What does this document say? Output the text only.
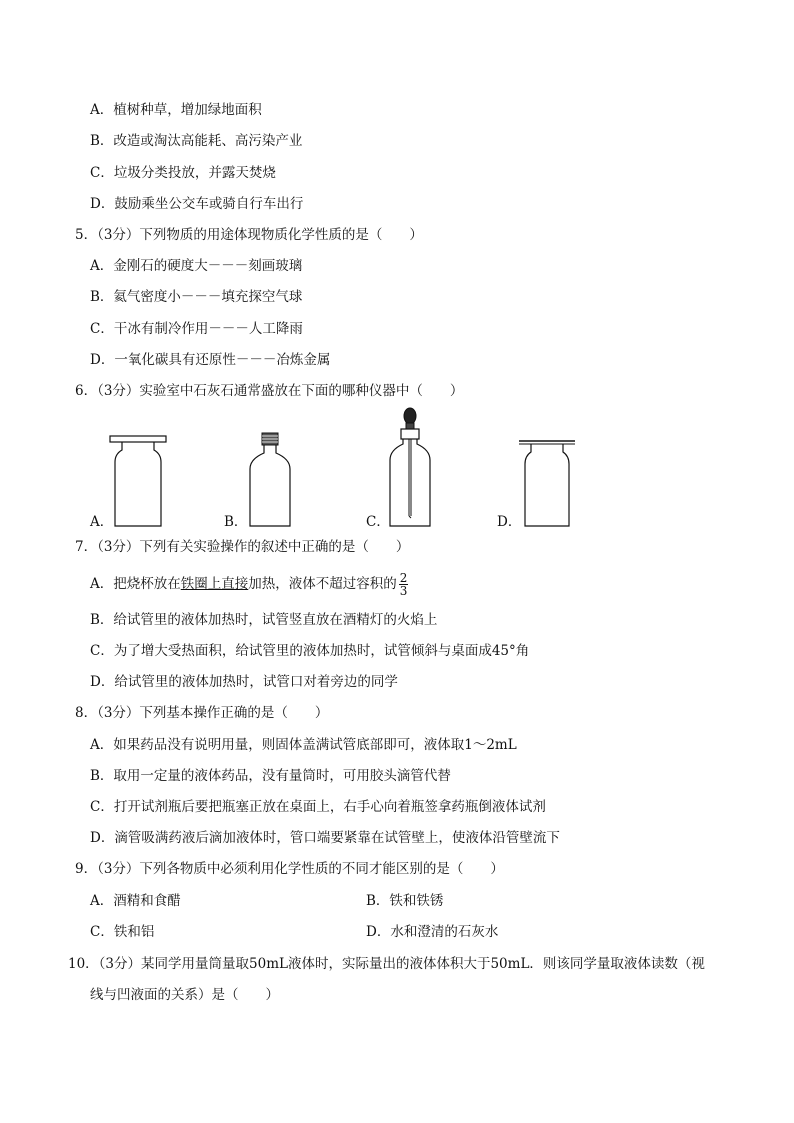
A．植树种草，增加绿地面积
B．改造或淘汰高能耗、高污染产业
C．垃圾分类投放，并露天焚烧
D．鼓励乘坐公交车或骑自行车出行
5．（3分）下列物质的用途体现物质化学性质的是（　　）
A．金刚石的硬度大－－－刻画玻璃
B．氦气密度小－－－填充探空气球
C．干冰有制冷作用－－－人工降雨
D．一氧化碳具有还原性－－－冶炼金属
6．（3分）实验室中石灰石通常盛放在下面的哪种仪器中（　　）
A．	B．	C．	D．
7．（3分）下列有关实验操作的叙述中正确的是（　　）
A．把烧杯放在铁圈上直接加热，液体不超过容积的 $\frac{2}{3}$
B．给试管里的液体加热时，试管竖直放在酒精灯的火焰上
C．为了增大受热面积，给试管里的液体加热时，试管倾斜与桌面成45°角
D．给试管里的液体加热时，试管口对着旁边的同学
8．（3分）下列基本操作正确的是（　　）
A．如果药品没有说明用量，则固体盖满试管底部即可，液体取1～2mL
B．取用一定量的液体药品，没有量筒时，可用胶头滴管代替
C．打开试剂瓶后要把瓶塞正放在桌面上，右手心向着瓶签拿药瓶倒液体试剂
D．滴管吸满药液后滴加液体时，管口端要紧靠在试管壁上，使液体沿管壁流下
9．（3分）下列各物质中必须利用化学性质的不同才能区别的是（　　）
A．酒精和食醋	B．铁和铁锈
C．铁和铝	D．水和澄清的石灰水
10．（3分）某同学用量筒量取50mL液体时，实际量出的液体体积大于50mL．则该同学量取液体读数（视
线与凹液面的关系）是（　　）
